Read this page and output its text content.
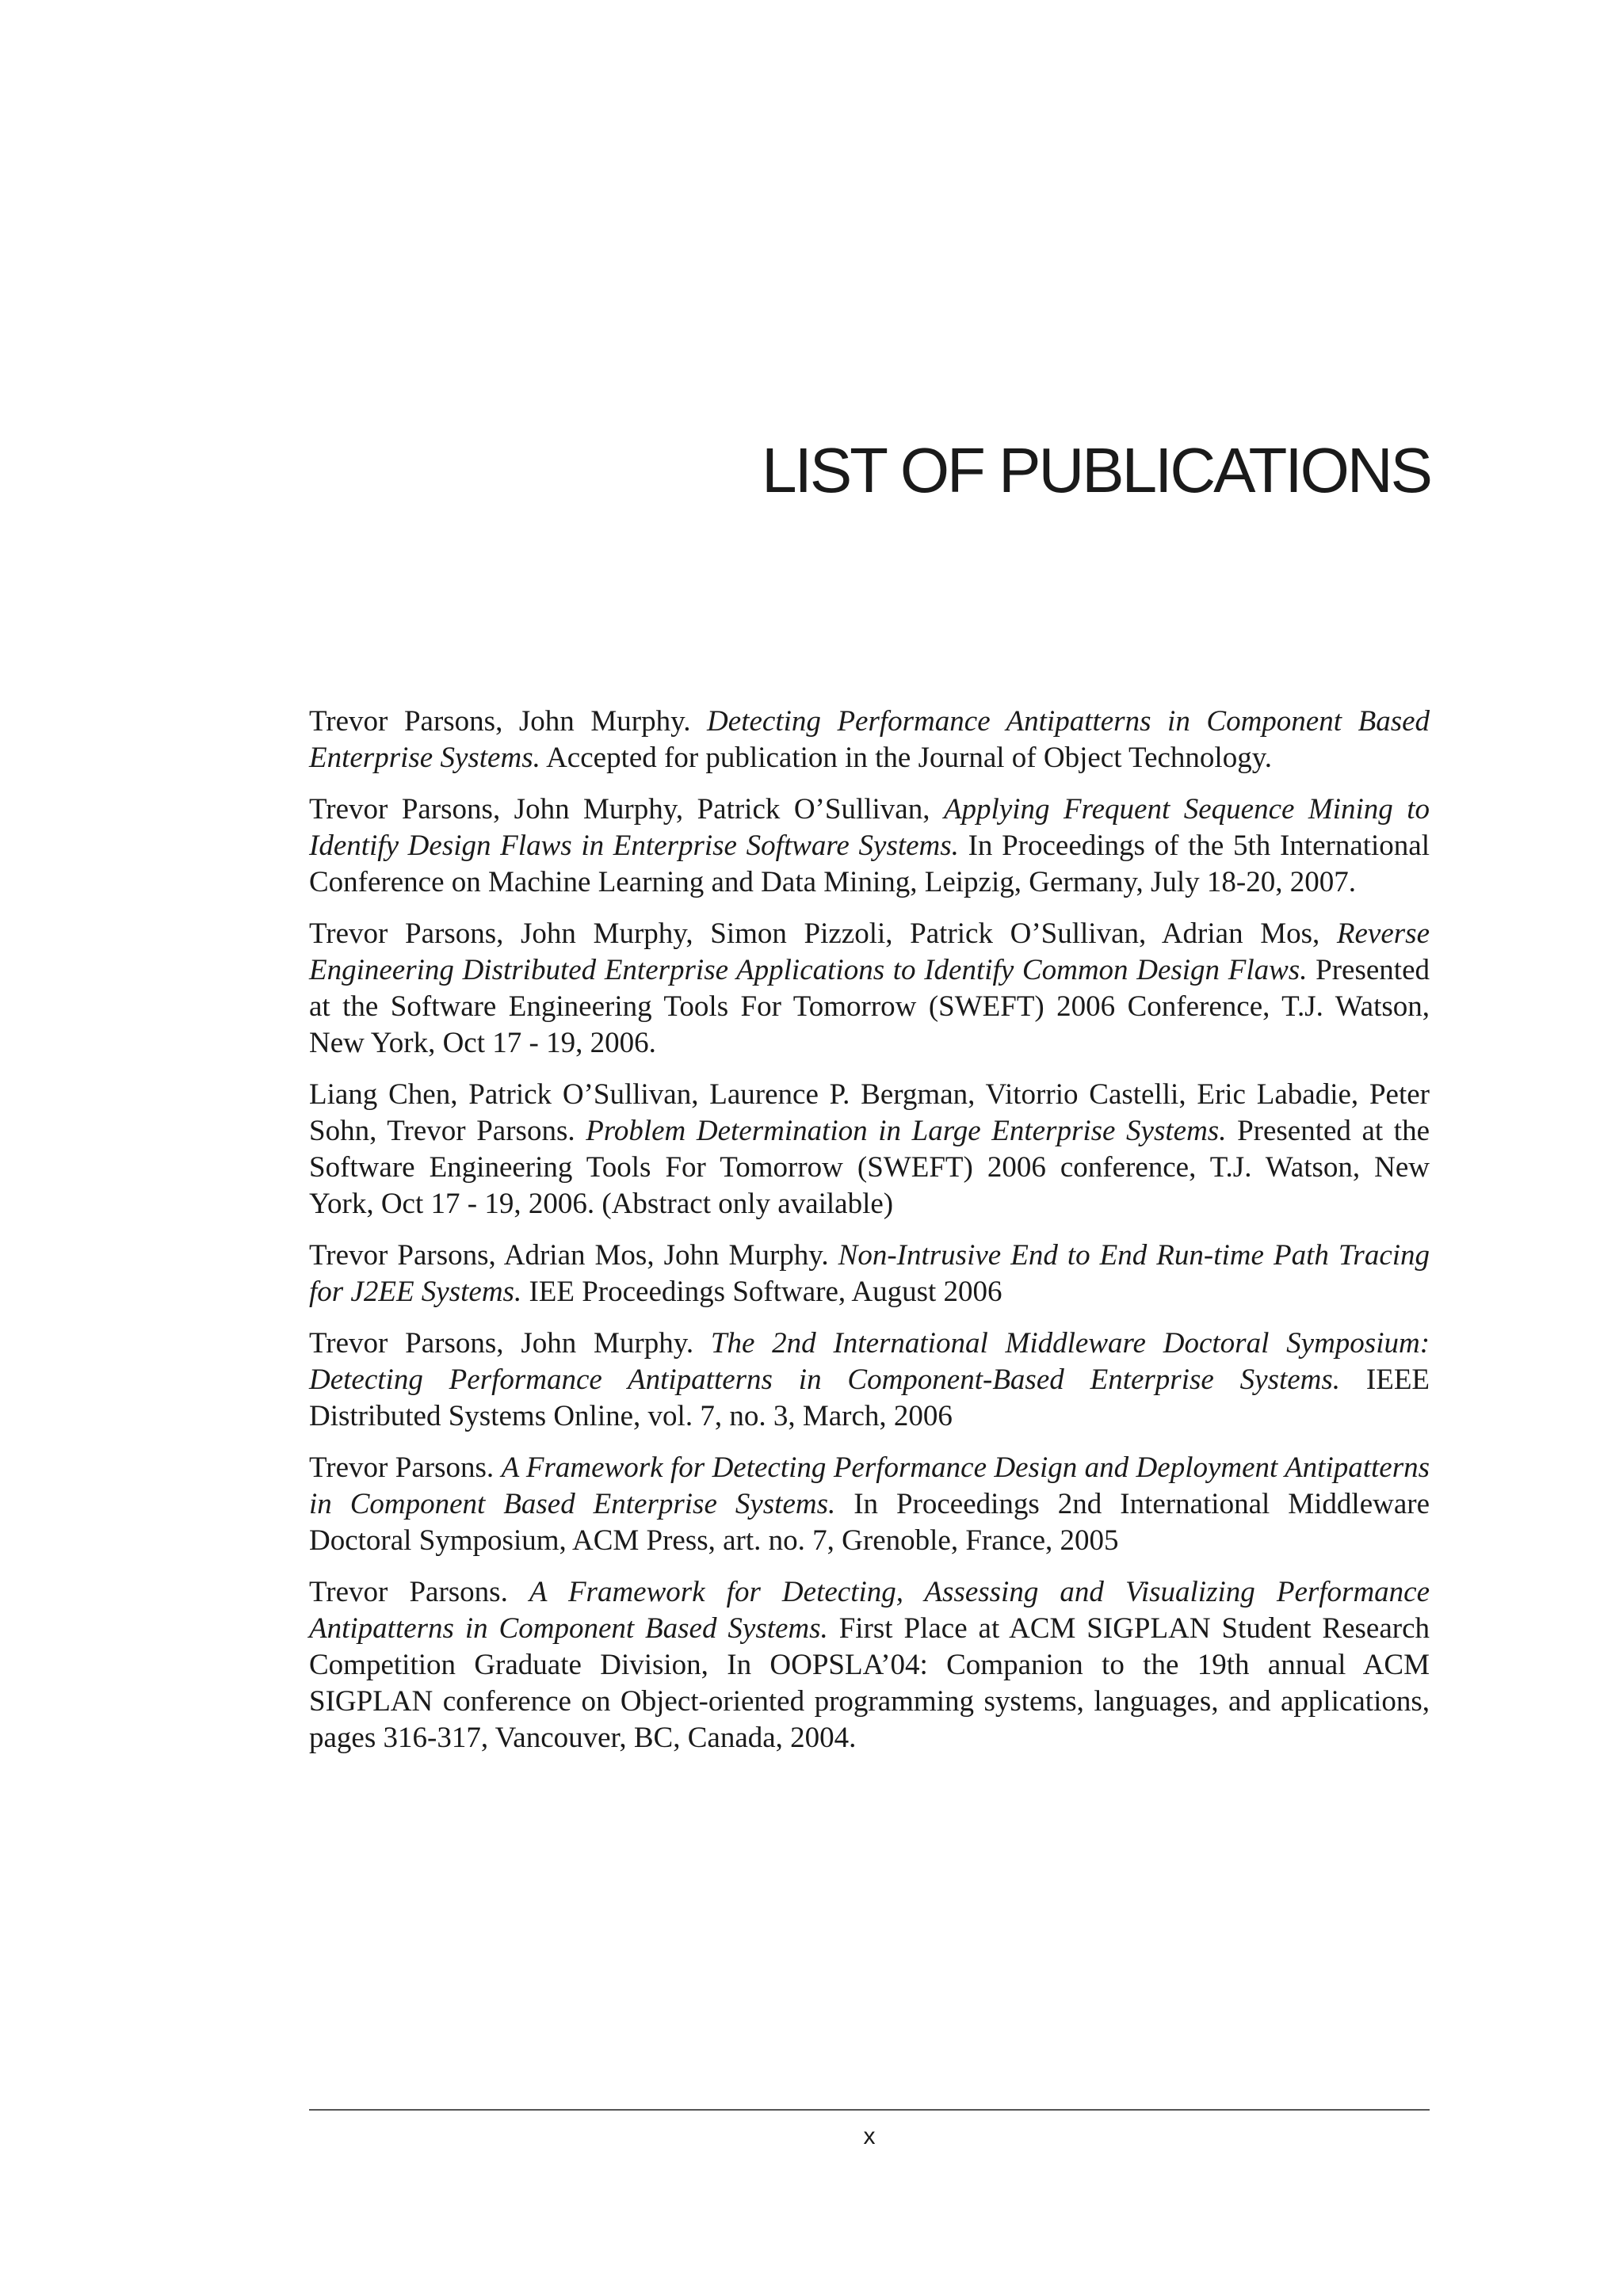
LIST OF PUBLICATIONS
Trevor Parsons, John Murphy. Detecting Performance Antipatterns in Component Based Enterprise Systems. Accepted for publication in the Journal of Object Technology.
Trevor Parsons, John Murphy, Patrick O’Sullivan, Applying Frequent Sequence Mining to Identify Design Flaws in Enterprise Software Systems. In Proceedings of the 5th International Conference on Machine Learning and Data Mining, Leipzig, Germany, July 18-20, 2007.
Trevor Parsons, John Murphy, Simon Pizzoli, Patrick O’Sullivan, Adrian Mos, Reverse Engineering Distributed Enterprise Applications to Identify Common Design Flaws. Presented at the Software Engineering Tools For Tomorrow (SWEFT) 2006 Conference, T.J. Watson, New York, Oct 17 - 19, 2006.
Liang Chen, Patrick O’Sullivan, Laurence P. Bergman, Vitorrio Castelli, Eric Labadie, Peter Sohn, Trevor Parsons. Problem Determination in Large Enterprise Systems. Presented at the Software Engineering Tools For Tomorrow (SWEFT) 2006 conference, T.J. Watson, New York, Oct 17 - 19, 2006. (Abstract only available)
Trevor Parsons, Adrian Mos, John Murphy. Non-Intrusive End to End Run-time Path Tracing for J2EE Systems. IEE Proceedings Software, August 2006
Trevor Parsons, John Murphy. The 2nd International Middleware Doctoral Symposium: Detecting Performance Antipatterns in Component-Based Enterprise Systems. IEEE Distributed Systems Online, vol. 7, no. 3, March, 2006
Trevor Parsons. A Framework for Detecting Performance Design and Deployment Antipatterns in Component Based Enterprise Systems. In Proceedings 2nd International Middleware Doctoral Symposium, ACM Press, art. no. 7, Grenoble, France, 2005
Trevor Parsons. A Framework for Detecting, Assessing and Visualizing Performance Antipatterns in Component Based Systems. First Place at ACM SIGPLAN Student Research Competition Graduate Division, In OOPSLA’04: Companion to the 19th annual ACM SIGPLAN conference on Object-oriented programming systems, languages, and applications, pages 316-317, Vancouver, BC, Canada, 2004.
x
